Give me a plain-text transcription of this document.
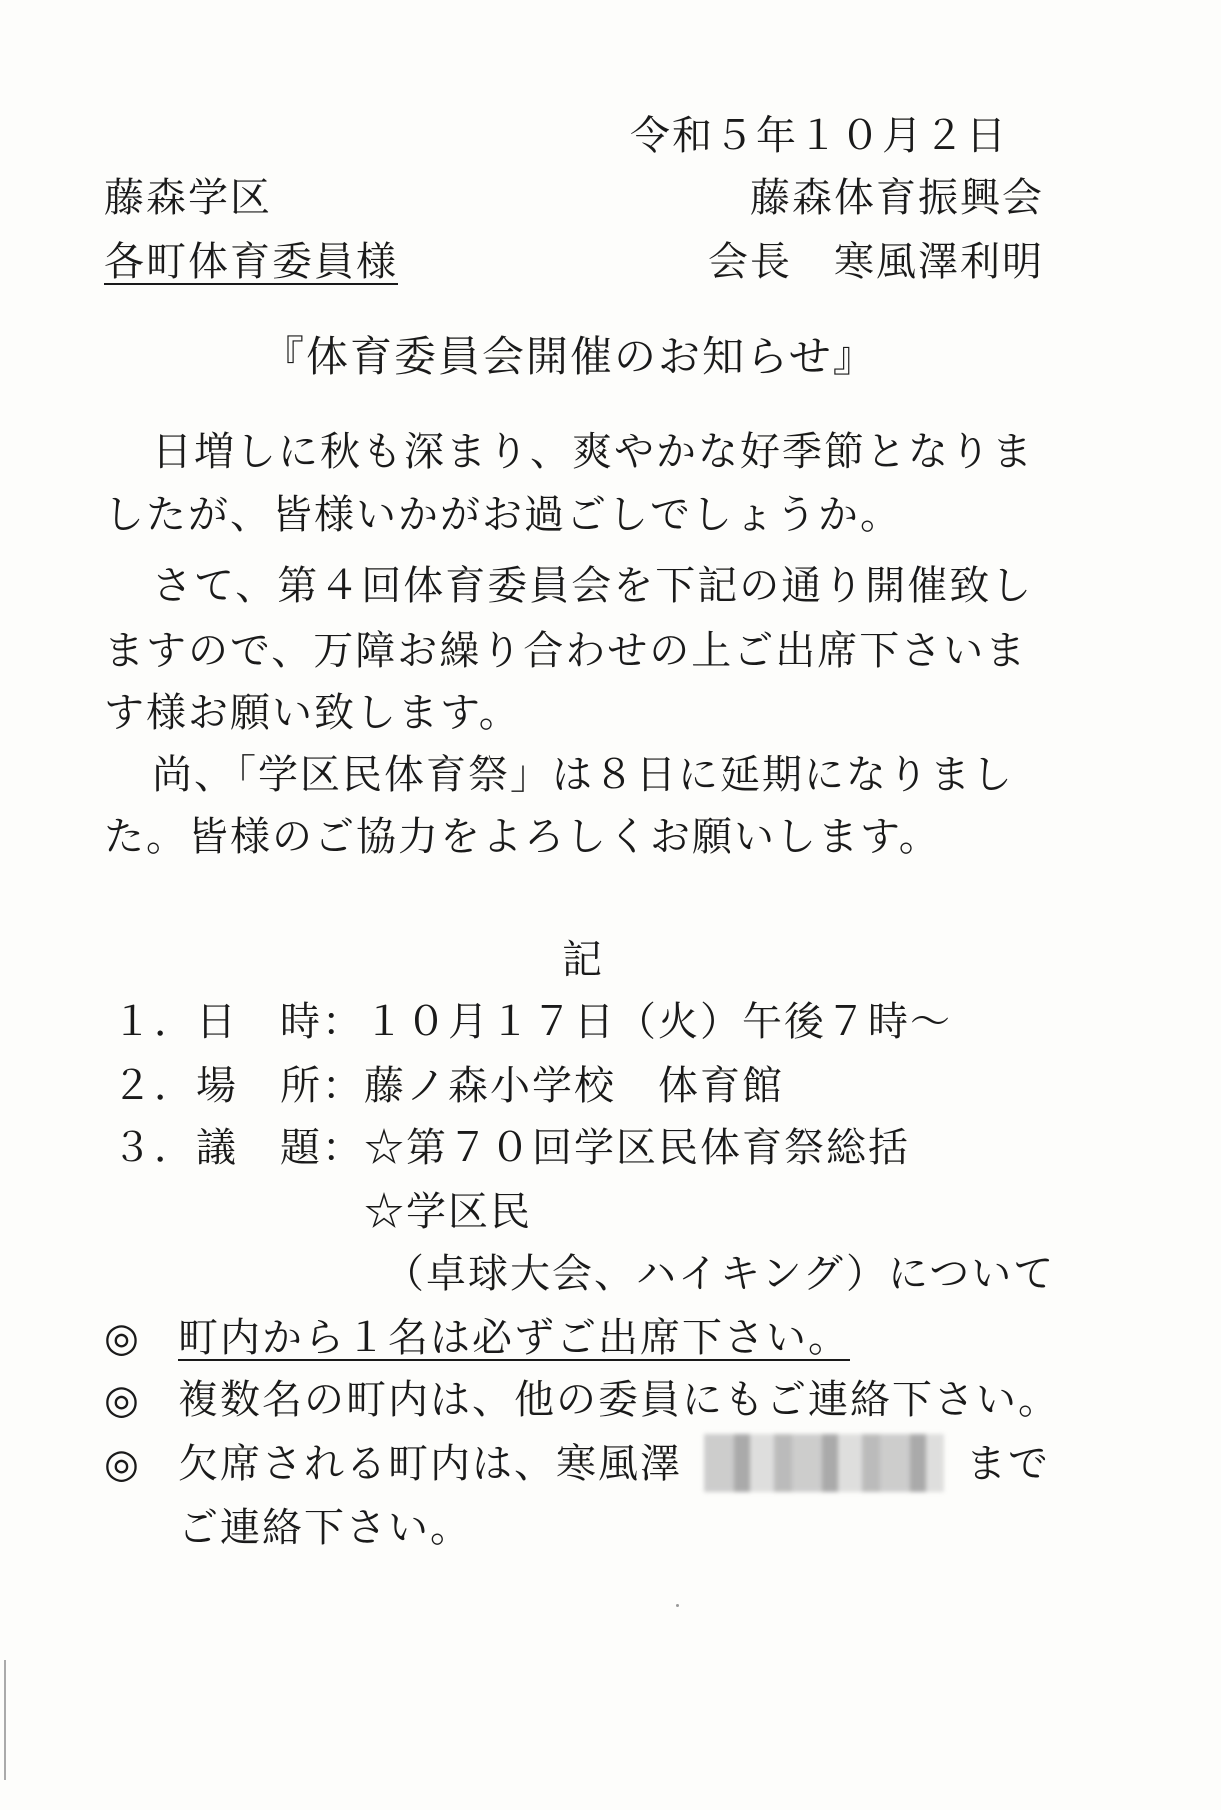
令和５年１０月２日
藤森学区	藤森体育振興会
各町体育委員様	会長　寒風澤利明
『体育委員会開催のお知らせ』
日増しに秋も深まり、爽やかな好季節となりま
したが、皆様いかがお過ごしでしょうか。
さて、第４回体育委員会を下記の通り開催致し
ますので、万障お繰り合わせの上ご出席下さいま
す様お願い致します。
尚、「学区民体育祭」は８日に延期になりまし
た。皆様のご協力をよろしくお願いします。
記
１．日　時：１０月１７日（火）午後７時～
２．場　所：藤ノ森小学校　体育館
３．議　題：☆第７０回学区民体育祭総括
☆学区民
（卓球大会、ハイキング）について
◎ 町内から１名は必ずご出席下さい。
◎ 複数名の町内は、他の委員にもご連絡下さい。
◎ 欠席される町内は、寒風澤	まで
ご連絡下さい。
